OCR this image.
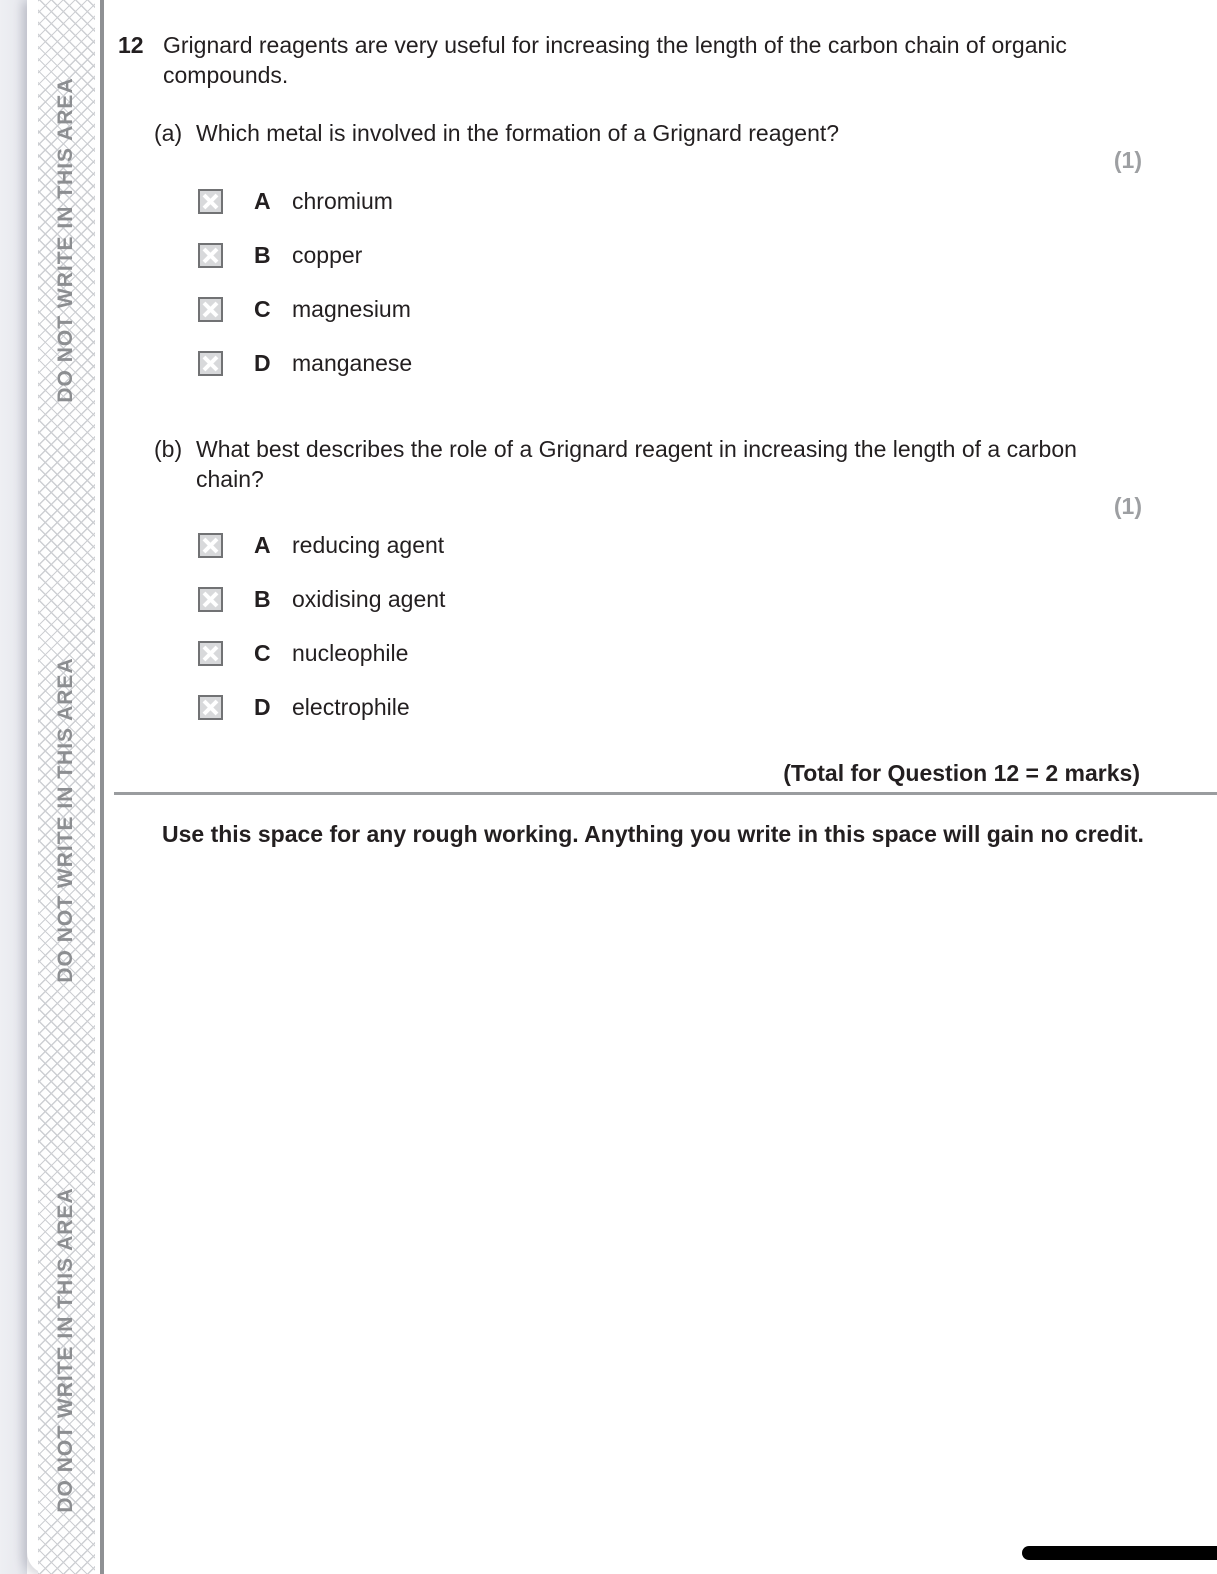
DO NOT WRITE IN THIS AREA
DO NOT WRITE IN THIS AREA
DO NOT WRITE IN THIS AREA
12 Grignard reagents are very useful for increasing the length of the carbon chain of organic compounds.
(a) Which metal is involved in the formation of a Grignard reagent?
(1)
A chromium
B copper
C magnesium
D manganese
(b) What best describes the role of a Grignard reagent in increasing the length of a carbon chain?
(1)
A reducing agent
B oxidising agent
C nucleophile
D electrophile
(Total for Question 12 = 2 marks)
Use this space for any rough working. Anything you write in this space will gain no credit.
